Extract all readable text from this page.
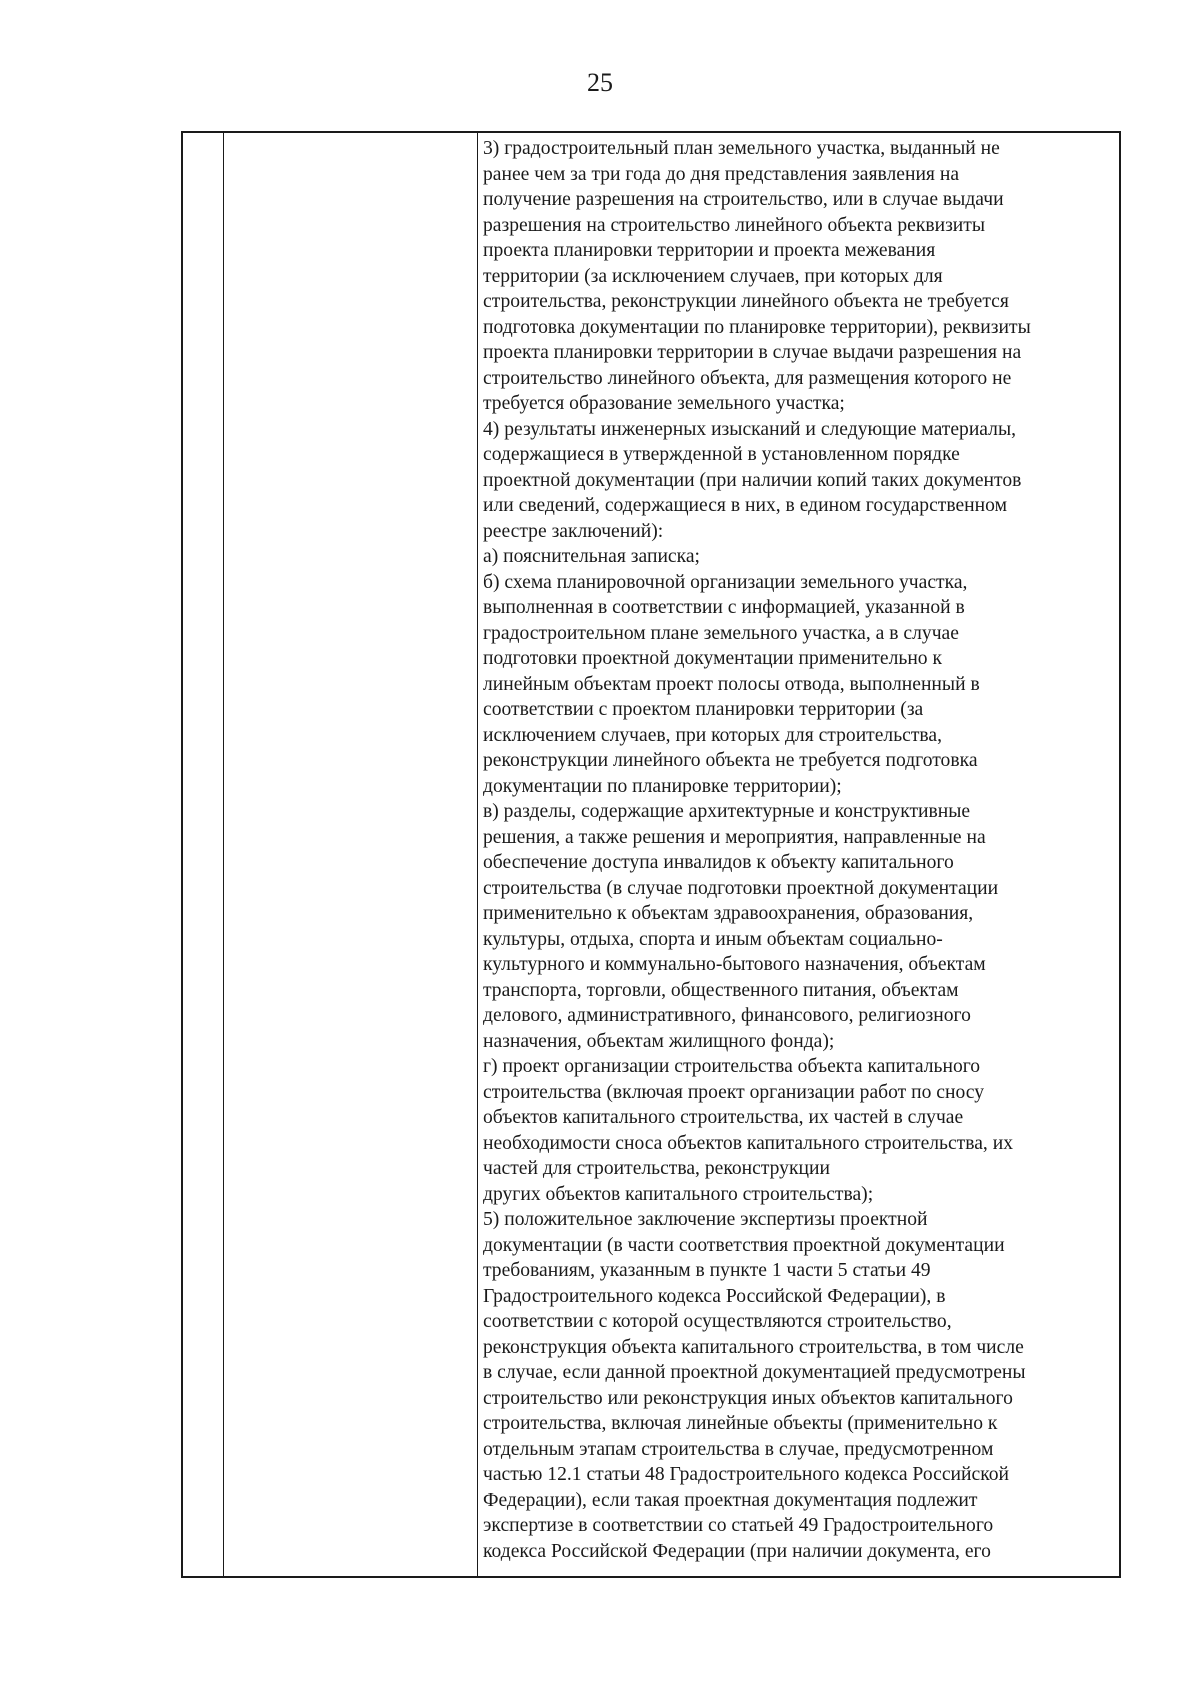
25
3) градостроительный план земельного участка, выданный не
ранее чем за три года до дня представления заявления на
получение разрешения на строительство, или в случае выдачи
разрешения на строительство линейного объекта реквизиты
проекта планировки территории и проекта межевания
территории (за исключением случаев, при которых для
строительства, реконструкции линейного объекта не требуется
подготовка документации по планировке территории), реквизиты
проекта планировки территории в случае выдачи разрешения на
строительство линейного объекта, для размещения которого не
требуется образование земельного участка;
4) результаты инженерных изысканий и следующие материалы,
содержащиеся в утвержденной в установленном порядке
проектной документации (при наличии копий таких документов
или сведений, содержащиеся в них, в едином государственном
реестре заключений):
а) пояснительная записка;
б) схема планировочной организации земельного участка,
выполненная в соответствии с информацией, указанной в
градостроительном плане земельного участка, а в случае
подготовки проектной документации применительно к
линейным объектам проект полосы отвода, выполненный в
соответствии с проектом планировки территории (за
исключением случаев, при которых для строительства,
реконструкции линейного объекта не требуется подготовка
документации по планировке территории);
в) разделы, содержащие архитектурные и конструктивные
решения, а также решения и мероприятия, направленные на
обеспечение доступа инвалидов к объекту капитального
строительства (в случае подготовки проектной документации
применительно к объектам здравоохранения, образования,
культуры, отдыха, спорта и иным объектам социально-
культурного и коммунально-бытового назначения, объектам
транспорта, торговли, общественного питания, объектам
делового, административного, финансового, религиозного
назначения, объектам жилищного фонда);
г) проект организации строительства объекта капитального
строительства (включая проект организации работ по сносу
объектов капитального строительства, их частей в случае
необходимости сноса объектов капитального строительства, их
частей для строительства, реконструкции
других объектов капитального строительства);
5) положительное заключение экспертизы проектной
документации (в части соответствия проектной документации
требованиям, указанным в пункте 1 части 5 статьи 49
Градостроительного кодекса Российской Федерации), в
соответствии с которой осуществляются строительство,
реконструкция объекта капитального строительства, в том числе
в случае, если данной проектной документацией предусмотрены
строительство или реконструкция иных объектов капитального
строительства, включая линейные объекты (применительно к
отдельным этапам строительства в случае, предусмотренном
частью 12.1 статьи 48 Градостроительного кодекса Российской
Федерации), если такая проектная документация подлежит
экспертизе в соответствии со статьей 49 Градостроительного
кодекса Российской Федерации (при наличии документа, его
